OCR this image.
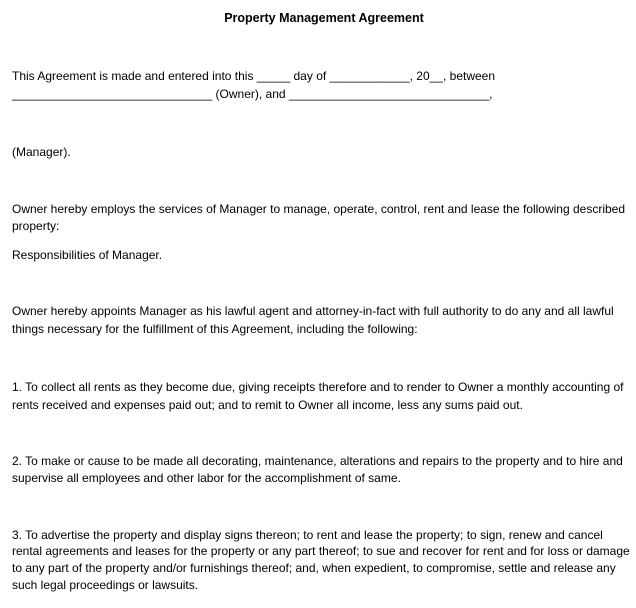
Property Management Agreement
This Agreement is made and entered into this _____ day of ____________, 20__, between
______________________________ (Owner), and ______________________________,
(Manager).
Owner hereby employs the services of Manager to manage, operate, control, rent and lease the following described
property:
Responsibilities of Manager.
Owner hereby appoints Manager as his lawful agent and attorney-in-fact with full authority to do any and all lawful
things necessary for the fulfillment of this Agreement, including the following:
1. To collect all rents as they become due, giving receipts therefore and to render to Owner a monthly accounting of
rents received and expenses paid out; and to remit to Owner all income, less any sums paid out.
2. To make or cause to be made all decorating, maintenance, alterations and repairs to the property and to hire and
supervise all employees and other labor for the accomplishment of same.
3. To advertise the property and display signs thereon; to rent and lease the property; to sign, renew and cancel
rental agreements and leases for the property or any part thereof; to sue and recover for rent and for loss or damage
to any part of the property and/or furnishings thereof; and, when expedient, to compromise, settle and release any
such legal proceedings or lawsuits.
